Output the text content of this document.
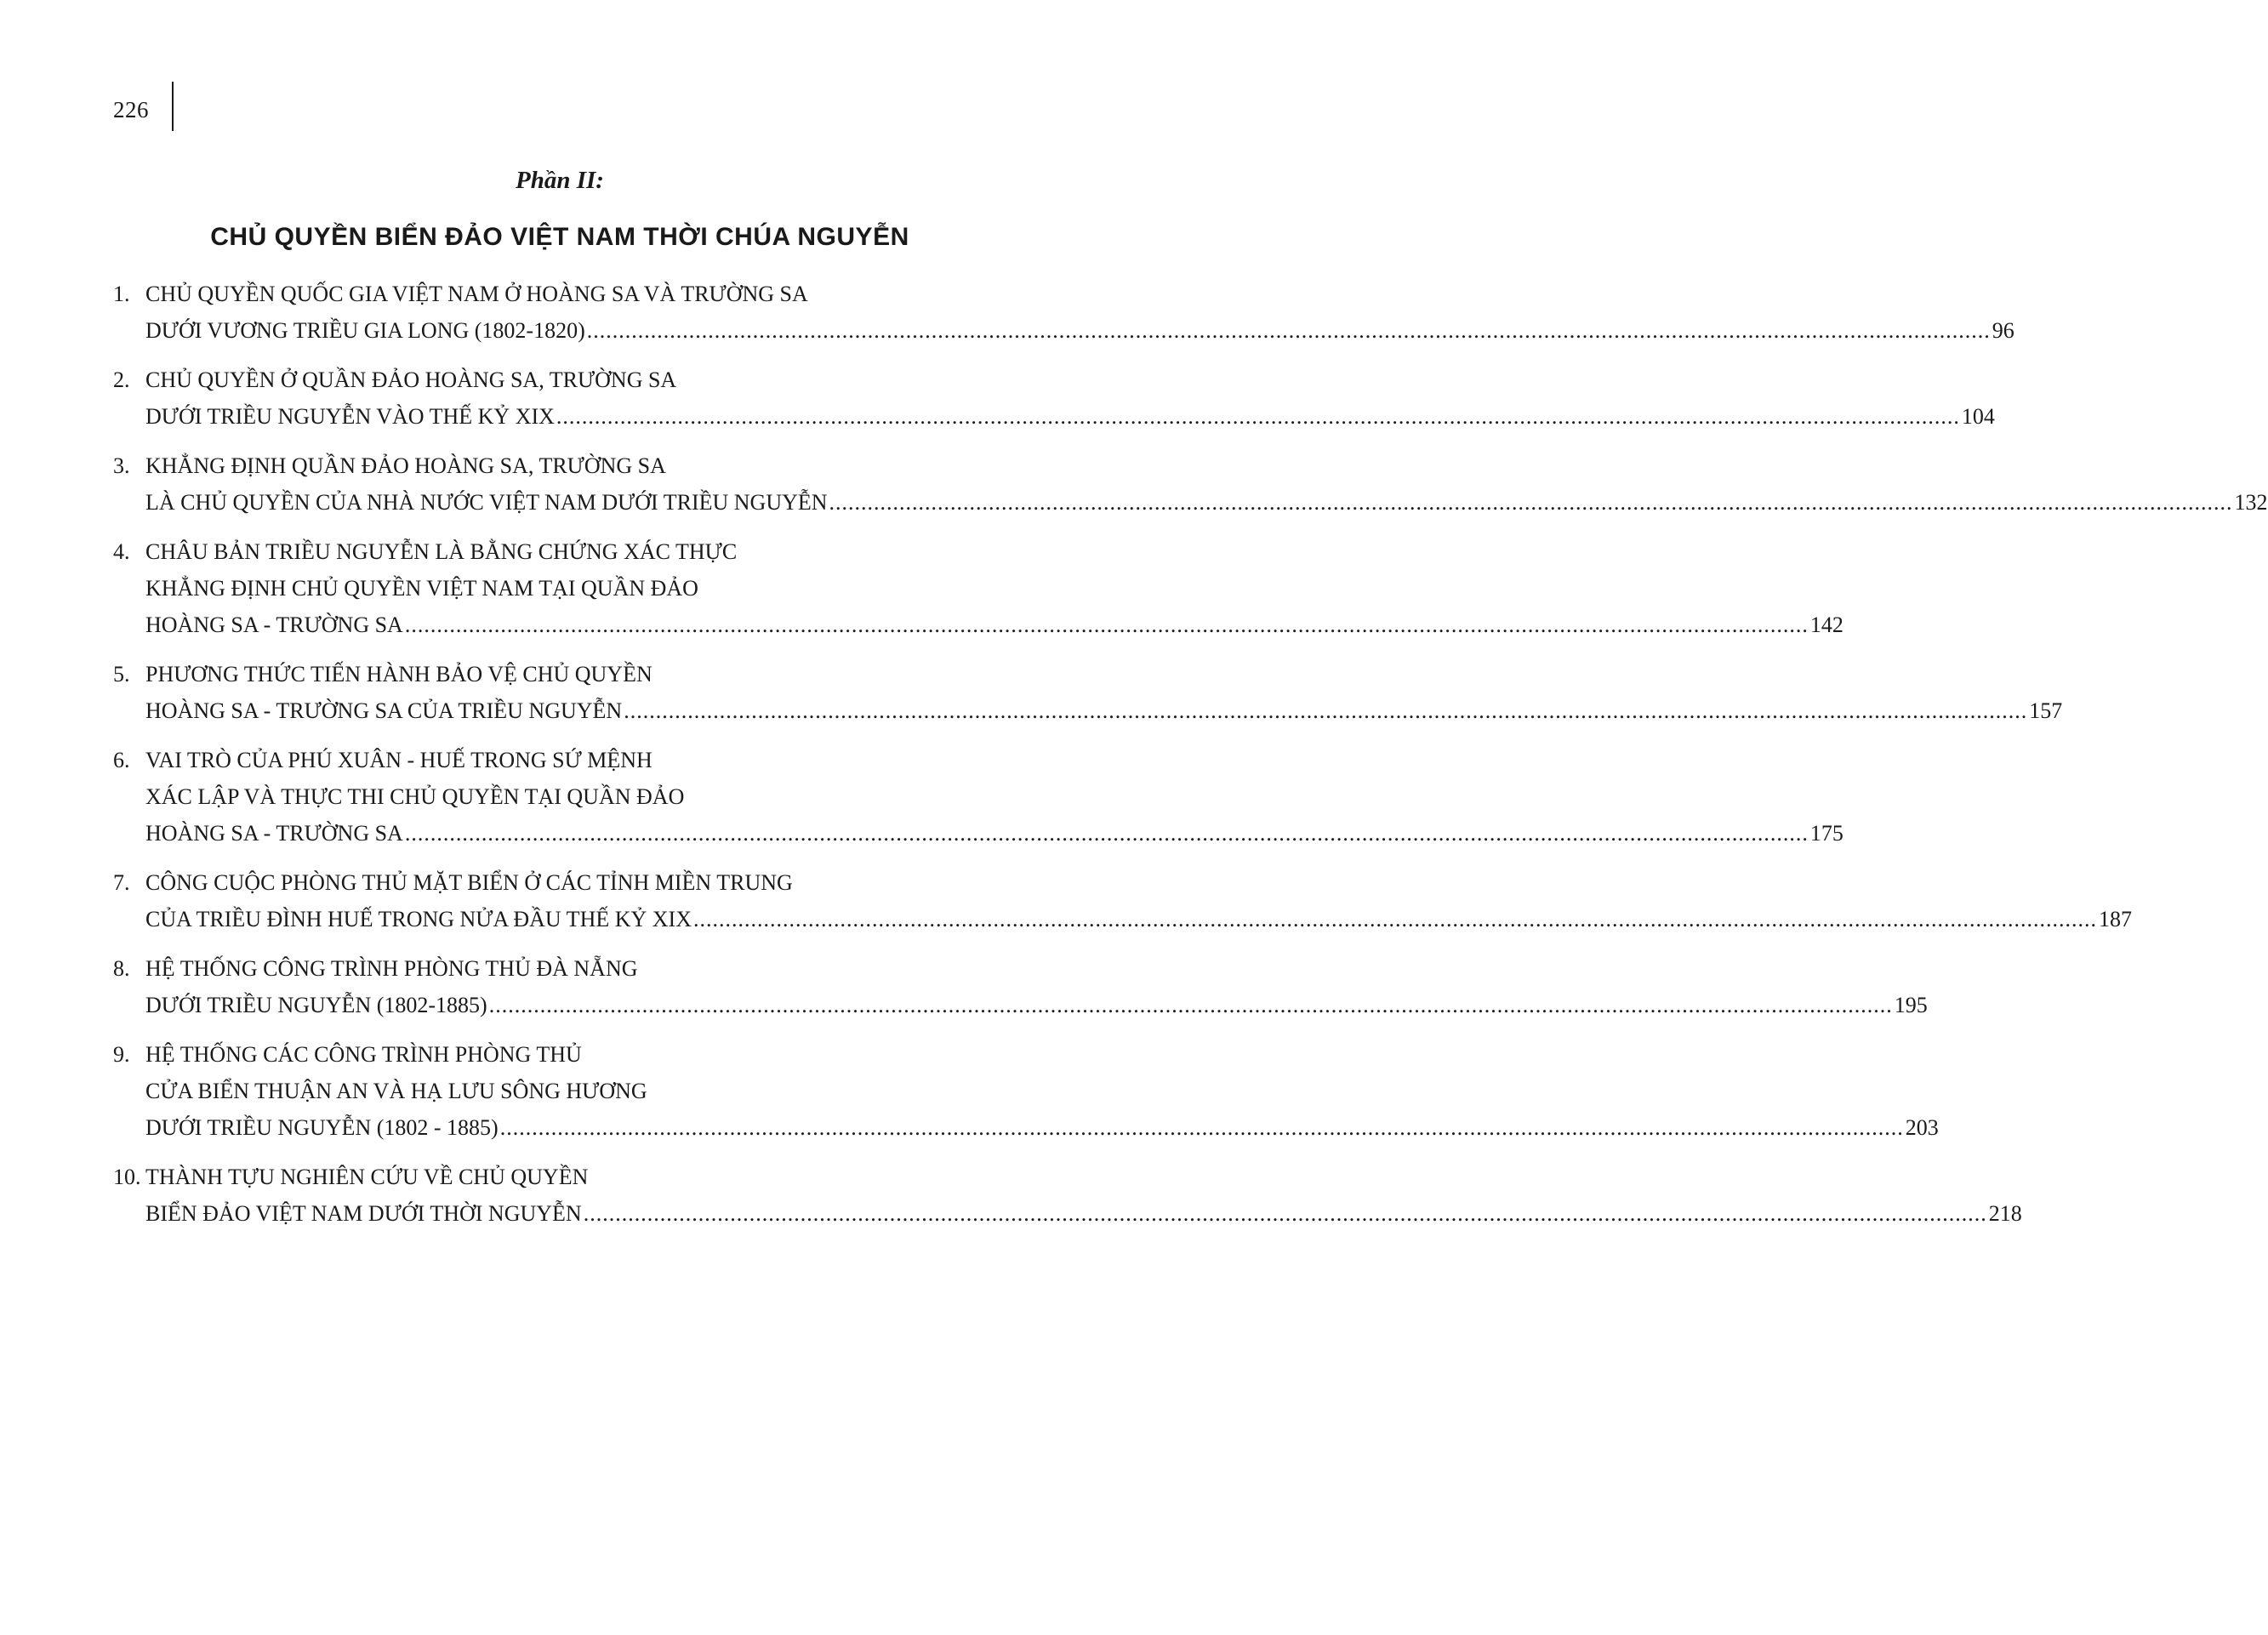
226
Phần II:
CHỦ QUYỀN BIỂN ĐẢO VIỆT NAM THỜI CHÚA NGUYỄN
1. CHỦ QUYỀN QUỐC GIA VIỆT NAM Ở HOÀNG SA VÀ TRƯỜNG SA
DƯỚI VƯƠNG TRIỀU GIA LONG (1802-1820) ............................................................................................................................................................................................................................ 96
2. CHỦ QUYỀN Ở QUẦN ĐẢO HOÀNG SA, TRƯỜNG SA
DƯỚI TRIỀU NGUYỄN VÀO THẾ KỶ XIX ............................................................................................................................................................................................................................ 104
3. KHẲNG ĐỊNH QUẦN ĐẢO HOÀNG SA, TRƯỜNG SA
LÀ CHỦ QUYỀN CỦA NHÀ NƯỚC VIỆT NAM DƯỚI TRIỀU NGUYỄN ............................................................................................................................................................................................................................ 132
4. CHÂU BẢN TRIỀU NGUYỄN LÀ BẰNG CHỨNG XÁC THỰC
KHẲNG ĐỊNH CHỦ QUYỀN VIỆT NAM TẠI QUẦN ĐẢO
HOÀNG SA - TRƯỜNG SA ............................................................................................................................................................................................................................ 142
5. PHƯƠNG THỨC TIẾN HÀNH BẢO VỆ CHỦ QUYỀN
HOÀNG SA - TRƯỜNG SA CỦA TRIỀU NGUYỄN ............................................................................................................................................................................................................................ 157
6. VAI TRÒ CỦA PHÚ XUÂN - HUẾ TRONG SỨ MỆNH
XÁC LẬP VÀ THỰC THI CHỦ QUYỀN TẠI QUẦN ĐẢO
HOÀNG SA - TRƯỜNG SA ............................................................................................................................................................................................................................ 175
7. CÔNG CUỘC PHÒNG THỦ MẶT BIỂN Ở CÁC TỈNH MIỀN TRUNG
CỦA TRIỀU ĐÌNH HUẾ TRONG NỬA ĐẦU THẾ KỶ XIX ............................................................................................................................................................................................................................ 187
8. HỆ THỐNG CÔNG TRÌNH PHÒNG THỦ ĐÀ NẴNG
DƯỚI TRIỀU NGUYỄN (1802-1885) ............................................................................................................................................................................................................................ 195
9. HỆ THỐNG CÁC CÔNG TRÌNH PHÒNG THỦ
CỬA BIỂN THUẬN AN VÀ HẠ LƯU SÔNG HƯƠNG
DƯỚI TRIỀU NGUYỄN (1802 - 1885) ............................................................................................................................................................................................................................ 203
10. THÀNH TỰU NGHIÊN CỨU VỀ CHỦ QUYỀN
BIỂN ĐẢO VIỆT NAM DƯỚI THỜI NGUYỄN ............................................................................................................................................................................................................................ 218
